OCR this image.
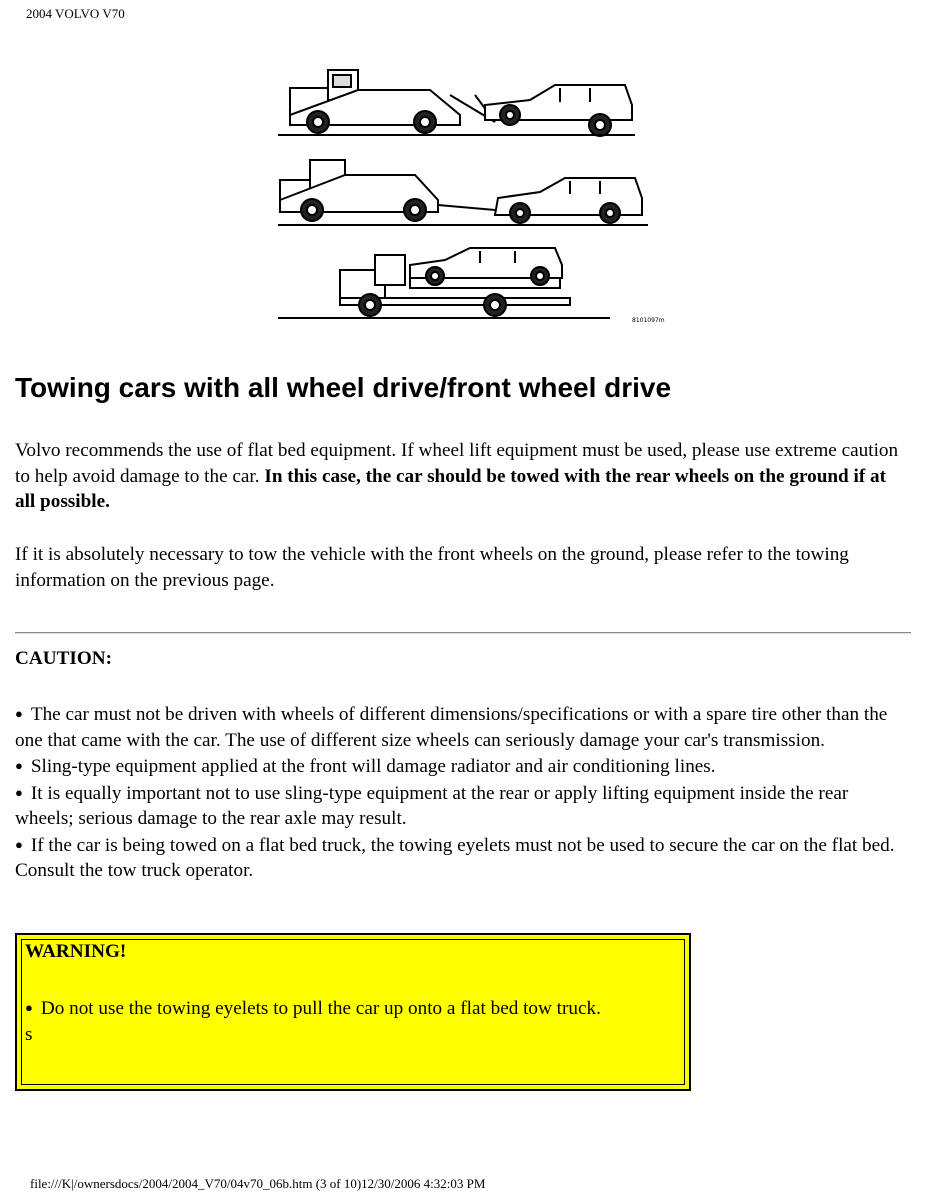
2004 VOLVO V70
8101097m
Towing cars with all wheel drive/front wheel drive

Volvo recommends the use of flat bed equipment. If wheel lift equipment must be used, please use extreme caution to help avoid damage to the car. In this case, the car should be towed with the rear wheels on the ground if at all possible.

If it is absolutely necessary to tow the vehicle with the front wheels on the ground, please refer to the towing information on the previous page.

CAUTION:

● The car must not be driven with wheels of different dimensions/specifications or with a spare tire other than the one that came with the car. The use of different size wheels can seriously damage your car's transmission.

● Sling-type equipment applied at the front will damage radiator and air conditioning lines.

● It is equally important not to use sling-type equipment at the rear or apply lifting equipment inside the rear wheels; serious damage to the rear axle may result.

● If the car is being towed on a flat bed truck, the towing eyelets must not be used to secure the car on the flat bed. Consult the tow truck operator.

WARNING!
● Do not use the towing eyelets to pull the car up onto a flat bed tow truck.
s
file:///K|/ownersdocs/2004/2004_V70/04v70_06b.htm (3 of 10)12/30/2006 4:32:03 PM
